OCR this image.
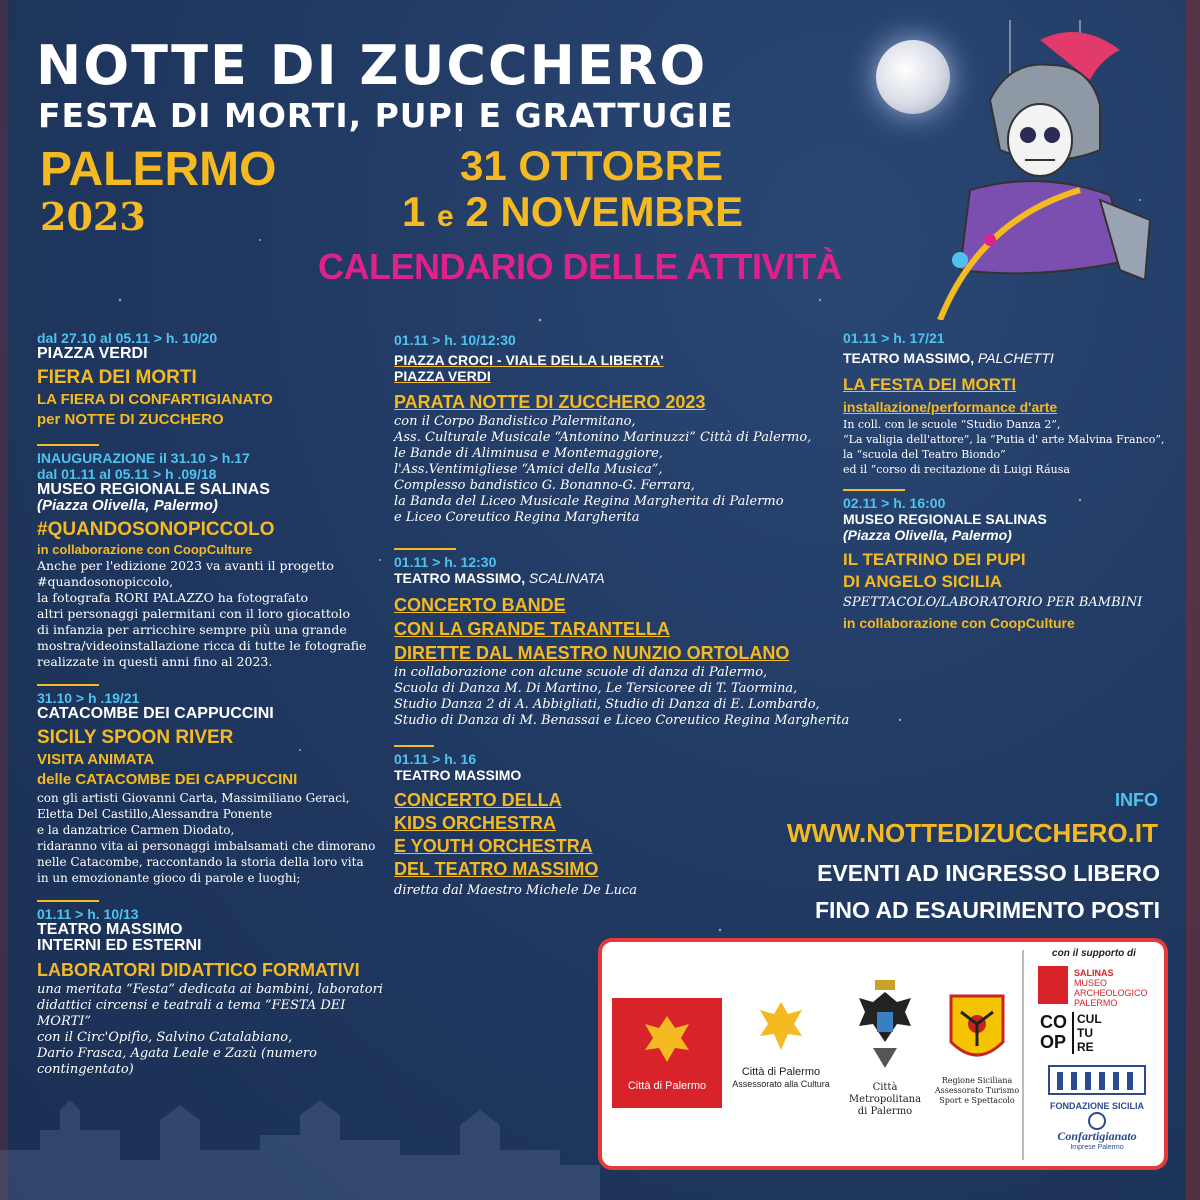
NOTTE DI ZUCCHERO
FESTA DI MORTI, PUPI E GRATTUGIE
PALERMO
2023
31 OTTOBRE
1 e 2 NOVEMBRE
CALENDARIO DELLE ATTIVITÀ
dal 27.10 al 05.11 > h. 10/20
PIAZZA VERDI
FIERA DEI MORTI
LA FIERA DI CONFARTIGIANATO
per NOTTE DI ZUCCHERO
INAUGURAZIONE il 31.10 > h.17
dal 01.11 al 05.11 > h .09/18
MUSEO REGIONALE SALINAS
(Piazza Olivella, Palermo)
#QUANDOSONOPICCOLO
in collaborazione con CoopCulture
Anche per l'edizione 2023 va avanti il progetto
#quandosonopiccolo,
la fotografa RORI PALAZZO ha fotografato
altri personaggi palermitani con il loro giocattolo
di infanzia per arricchire sempre più una grande
mostra/videoinstallazione ricca di tutte le fotografie
realizzate in questi anni fino al 2023.
31.10 > h .19/21
CATACOMBE DEI CAPPUCCINI
SICILY SPOON RIVER
VISITA ANIMATA
delle CATACOMBE DEI CAPPUCCINI
con gli artisti Giovanni Carta, Massimiliano Geraci,
Eletta Del Castillo,Alessandra Ponente
e la danzatrice Carmen Diodato,
ridaranno vita ai personaggi imbalsamati che dimorano
nelle Catacombe, raccontando la storia della loro vita
in un emozionante gioco di parole e luoghi;
01.11 > h. 10/13
TEATRO MASSIMO
INTERNI ED ESTERNI
LABORATORI DIDATTICO FORMATIVI
una meritata “Festa” dedicata ai bambini, laboratori
didattici circensi e teatrali a tema “FESTA DEI MORTI”
con il Circ'Opifìo, Salvino Catalabiano,
Dario Frasca, Agata Leale e Zazù (numero contingentato)
01.11 > h. 10/12:30
PIAZZA CROCI - VIALE DELLA LIBERTA'
PIAZZA VERDI
PARATA NOTTE DI ZUCCHERO 2023
con il Corpo Bandistico Palermitano,
Ass. Culturale Musicale “Antonino Marinuzzi” Città di Palermo,
le Bande di Aliminusa e Montemaggiore,
l'Ass.Ventimigliese “Amici della Musica”,
Complesso bandistico G. Bonanno-G. Ferrara,
la Banda del Liceo Musicale Regina Margherita di Palermo
e Liceo Coreutico Regina Margherita
01.11 > h. 12:30
TEATRO MASSIMO, SCALINATA
CONCERTO BANDE
CON LA GRANDE TARANTELLA
DIRETTE DAL MAESTRO NUNZIO ORTOLANO
in collaborazione con alcune scuole di danza di Palermo,
Scuola di Danza M. Di Martino, Le Tersicoree di T. Taormina,
Studio Danza 2 di A. Abbigliati, Studio di Danza di E. Lombardo,
Studio di Danza di M. Benassai e Liceo Coreutico Regina Margherita
01.11 > h. 16
TEATRO MASSIMO
CONCERTO DELLA
KIDS ORCHESTRA
E YOUTH ORCHESTRA
DEL TEATRO MASSIMO
diretta dal Maestro Michele De Luca
01.11 > h. 17/21
TEATRO MASSIMO, PALCHETTI
LA FESTA DEI MORTI
installazione/performance d'arte
In coll. con le scuole “Studio Danza 2”,
“La valigia dell'attore”, la “Putia d' arte Malvina Franco”,
la “scuola del Teatro Biondo”
ed il “corso di recitazione di Luigi Ráusa
02.11 > h. 16:00
MUSEO REGIONALE SALINAS
(Piazza Olivella, Palermo)
IL TEATRINO DEI PUPI
DI ANGELO SICILIA
SPETTACOLO/LABORATORIO PER BAMBINI
in collaborazione con CoopCulture
INFO
WWW.NOTTEDIZUCCHERO.IT
EVENTI AD INGRESSO LIBERO
FINO AD ESAURIMENTO POSTI
Città di Palermo
Città di Palermo
Assessorato alla Cultura	Città Metropolitana
di Palermo
Regione Siciliana
Assessorato Turismo
Sport e Spettacolo
con il supporto di
SALINAS
MUSEO
ARCHEOLOGICO
PALERMO
CO
OP
CUL
TU
RE
FONDAZIONE SICILIA
Confartigianato
Imprese Palermo
